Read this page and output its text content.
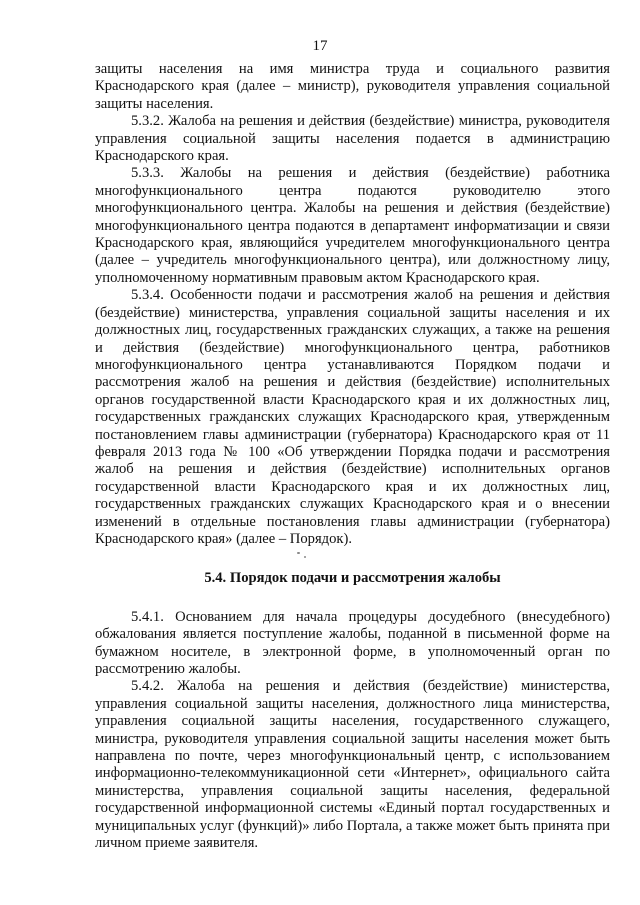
17

защиты населения на имя министра труда и социального развития Краснодарского края (далее – министр), руководителя управления социальной защиты населения.

5.3.2. Жалоба на решения и действия (бездействие) министра, руководителя управления социальной защиты населения подается в администрацию Краснодарского края.

5.3.3. Жалобы на решения и действия (бездействие) работника многофункционального центра подаются руководителю этого многофункционального центра. Жалобы на решения и действия (бездействие) многофункционального центра подаются в департамент информатизации и связи Краснодарского края, являющийся учредителем многофункционального центра (далее – учредитель многофункционального центра), или должностному лицу, уполномоченному нормативным правовым актом Краснодарского края.

5.3.4. Особенности подачи и рассмотрения жалоб на решения и действия (бездействие) министерства, управления социальной защиты населения и их должностных лиц, государственных гражданских служащих, а также на решения и действия (бездействие) многофункционального центра, работников многофункционального центра устанавливаются Порядком подачи и рассмотрения жалоб на решения и действия (бездействие) исполнительных органов государственной власти Краснодарского края и их должностных лиц, государственных гражданских служащих Краснодарского края, утвержденным постановлением главы администрации (губернатора) Краснодарского края от 11 февраля 2013 года № 100 «Об утверждении Порядка подачи и рассмотрения жалоб на решения и действия (бездействие) исполнительных органов государственной власти Краснодарского края и их должностных лиц, государственных гражданских служащих Краснодарского края и о внесении изменений в отдельные постановления главы администрации (губернатора) Краснодарского края» (далее – Порядок).

5.4. Порядок подачи и рассмотрения жалобы

5.4.1. Основанием для начала процедуры досудебного (внесудебного) обжалования является поступление жалобы, поданной в письменной форме на бумажном носителе, в электронной форме, в уполномоченный орган по рассмотрению жалобы.

5.4.2. Жалоба на решения и действия (бездействие) министерства, управления социальной защиты населения, должностного лица министерства, управления социальной защиты населения, государственного служащего, министра, руководителя управления социальной защиты населения может быть направлена по почте, через многофункциональный центр, с использованием информационно-телекоммуникационной сети «Интернет», официального сайта министерства, управления социальной защиты населения, федеральной государственной информационной системы «Единый портал государственных и муниципальных услуг (функций)» либо Портала, а также может быть принята при личном приеме заявителя.
